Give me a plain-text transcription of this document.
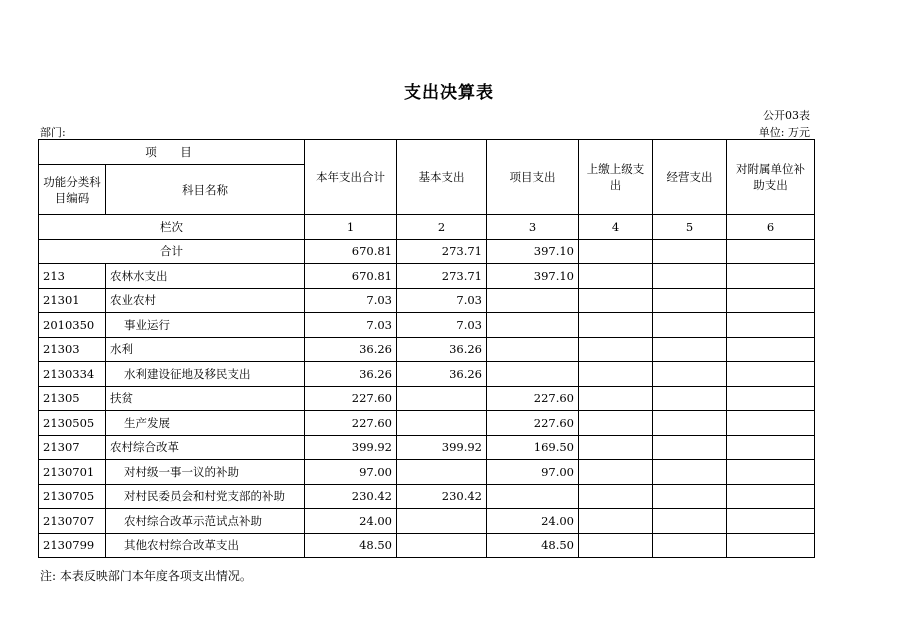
支出决算表
公开03表
部门:	单位: 万元
项　目		本年支出合计	基本支出	项目支出	上缴上级支出	经营支出	对附属单位补助支出
功能分类科目编码	科目名称						
栏次		1	2	3	4	5	6
合计		670.81	273.71	397.10			
213	农林水支出	670.81	273.71	397.10			
21301	农业农村	7.03	7.03				
2010350	事业运行	7.03	7.03				
21303	水利	36.26	36.26				
2130334	水利建设征地及移民支出	36.26	36.26				
21305	扶贫	227.60		227.60			
2130505	生产发展	227.60		227.60			
21307	农村综合改革	399.92	399.92	169.50			
2130701	对村级一事一议的补助	97.00		97.00			
2130705	对村民委员会和村党支部的补助	230.42	230.42				
2130707	农村综合改革示范试点补助	24.00		24.00			
2130799	其他农村综合改革支出	48.50		48.50			
注: 本表反映部门本年度各项支出情况。
